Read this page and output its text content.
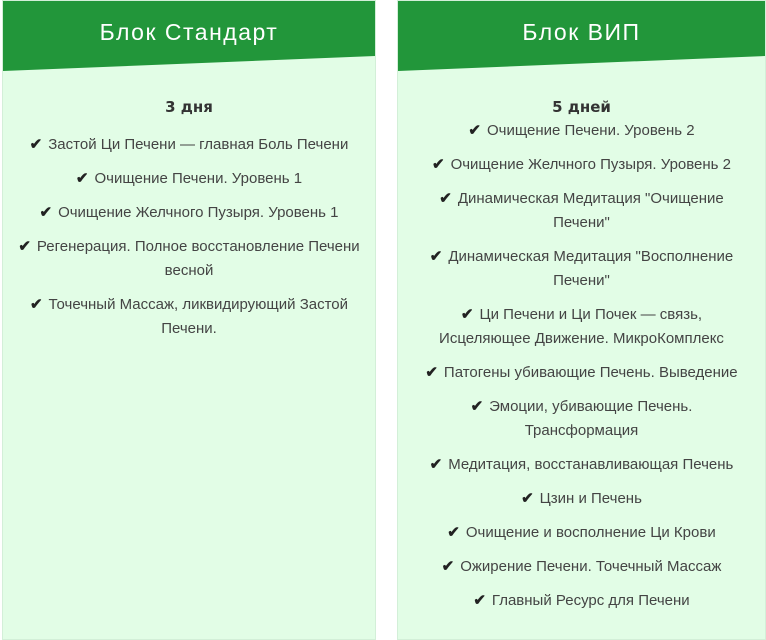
Блок Стандарт
3 дня
✔ Застой Ци Печени — главная Боль Печени
✔ Очищение Печени. Уровень 1
✔ Очищение Желчного Пузыря. Уровень 1
✔ Регенерация. Полное восстановление Печени весной
✔ Точечный Массаж, ликвидирующий Застой Печени.
Блок ВИП
5 дней
✔ Очищение Печени. Уровень 2
✔ Очищение Желчного Пузыря. Уровень 2
✔ Динамическая Медитация "Очищение Печени"
✔ Динамическая Медитация "Восполнение Печени"
✔ Ци Печени и Ци Почек — связь, Исцеляющее Движение. МикроКомплекс
✔ Патогены убивающие Печень. Выведение
✔ Эмоции, убивающие Печень. Трансформация
✔ Медитация, восстанавливающая Печень
✔ Цзин и Печень
✔ Очищение и восполнение Ци Крови
✔ Ожирение Печени. Точечный Массаж
✔ Главный Ресурс для Печени
